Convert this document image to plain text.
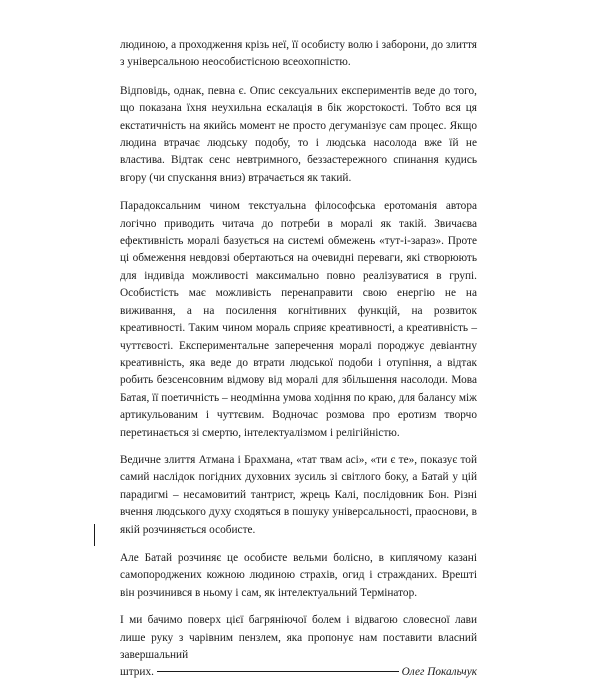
людиною, а проходження крізь неї, її особисту волю і заборони, до злиття з універсальною неособистісною всеохопністю.

Відповідь, однак, певна є. Опис сексуальних експериментів веде до того, що показана їхня неухильна ескалація в бік жорстокості. Тобто вся ця екстатичність на якийсь момент не просто дегуманізує сам процес. Якщо людина втрачає людську подобу, то і людська насолода вже їй не властива. Відтак сенс невтримного, беззастережного спинання кудись вгору (чи спускання вниз) втрачається як такий.

Парадоксальним чином текстуальна філософська еротоманія автора логічно приводить читача до потреби в моралі як такій. Звичаєва ефективність моралі базується на системі обмежень «тут-і-зараз». Проте ці обмеження невдовзі обертаються на очевидні переваги, які створюють для індивіда можливості максимально повно реалізуватися в групі. Особистість має можливість перенаправити свою енергію не на виживання, а на посилення когнітивних функцій, на розвиток креативності. Таким чином мораль сприяє креативності, а креативність – чуттєвості. Експериментальне заперечення моралі породжує девіантну креативність, яка веде до втрати людської подоби і отупіння, а відтак робить безсенсовним відмову від моралі для збільшення насолоди. Мова Батая, її поетичність – неодмінна умова ходіння по краю, для балансу між артикульованим і чуттєвим. Водночас розмова про еротизм творчо перетинається зі смертю, інтелектуалізмом і релігійністю.

Ведичне злиття Атмана і Брахмана, «тат твам асі», «ти є те», показує той самий наслідок погідних духовних зусиль зі світлого боку, а Батай у цій парадигмі – несамовитий тантрист, жрець Калі, послідовник Бон. Різні вчення людського духу сходяться в пошуку універсальності, праоснови, в якій розчиняється особисте.

Але Батай розчиняє це особисте вельми болісно, в киплячому казані самопороджених кожною людиною страхів, огид і стражданих. Врешті він розчинився в ньому і сам, як інтелектуальний Термінатор.

І ми бачимо поверх цієї багряніючої болем і відвагою словесної лави лише руку з чарівним пензлем, яка пропонує нам поставити власний завершальний

штрих.	Олег Покальчук
